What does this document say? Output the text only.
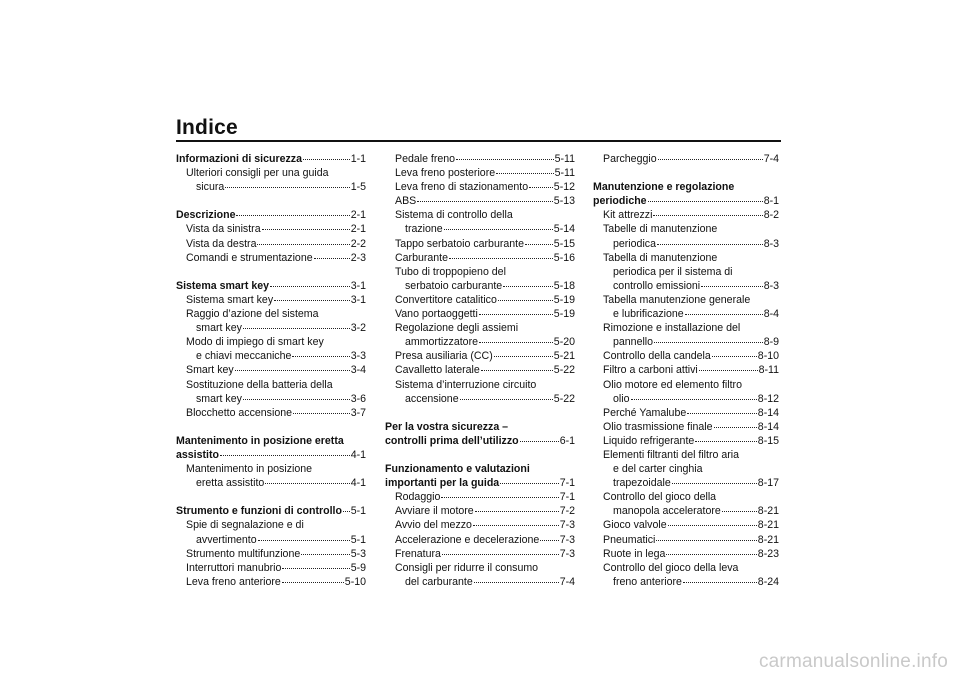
Indice
Informazioni di sicurezza	1-1
Ulteriori consigli per una guida
sicura	1-5
Descrizione	2-1
Vista da sinistra	2-1
Vista da destra	2-2
Comandi e strumentazione	2-3
Sistema smart key	3-1
Sistema smart key	3-1
Raggio d’azione del sistema
smart key	3-2
Modo di impiego di smart key
e chiavi meccaniche	3-3
Smart key	3-4
Sostituzione della batteria della
smart key	3-6
Blocchetto accensione	3-7
Mantenimento in posizione eretta
assistito	4-1
Mantenimento in posizione
eretta assistito	4-1
Strumento e funzioni di controllo 5-1
Spie di segnalazione e di
avvertimento	5-1
Strumento multifunzione	5-3
Interruttori manubrio	5-9
Leva freno anteriore	5-10
Pedale freno	5-11
Leva freno posteriore	5-11
Leva freno di stazionamento 5-12
ABS	5-13
Sistema di controllo della
trazione	5-14
Tappo serbatoio carburante	5-15
Carburante	5-16
Tubo di troppopieno del
serbatoio carburante	5-18
Convertitore catalitico	5-19
Vano portaoggetti	5-19
Regolazione degli assiemi
ammortizzatore	5-20
Presa ausiliaria (CC)	5-21
Cavalletto laterale	5-22
Sistema d’interruzione circuito
accensione	5-22
Per la vostra sicurezza –
controlli prima dell’utilizzo	6-1
Funzionamento e valutazioni
importanti per la guida	7-1
Rodaggio	7-1
Avviare il motore	7-2
Avvio del mezzo	7-3
Accelerazione e decelerazione 7-3
Frenatura	7-3
Consigli per ridurre il consumo
del carburante	7-4
Parcheggio	7-4
Manutenzione e regolazione
periodiche	8-1
Kit attrezzi	8-2
Tabelle di manutenzione
periodica	8-3
Tabella di manutenzione
periodica per il sistema di
controllo emissioni	8-3
Tabella manutenzione generale
e lubrificazione	8-4
Rimozione e installazione del
pannello	8-9
Controllo della candela	8-10
Filtro a carboni attivi	8-11
Olio motore ed elemento filtro
olio	8-12
Perché Yamalube	8-14
Olio trasmissione finale	8-14
Liquido refrigerante	8-15
Elementi filtranti del filtro aria
e del carter cinghia
trapezoidale	8-17
Controllo del gioco della
manopola acceleratore	8-21
Gioco valvole	8-21
Pneumatici	8-21
Ruote in lega	8-23
Controllo del gioco della leva
freno anteriore	8-24
carmanualsonline.info
